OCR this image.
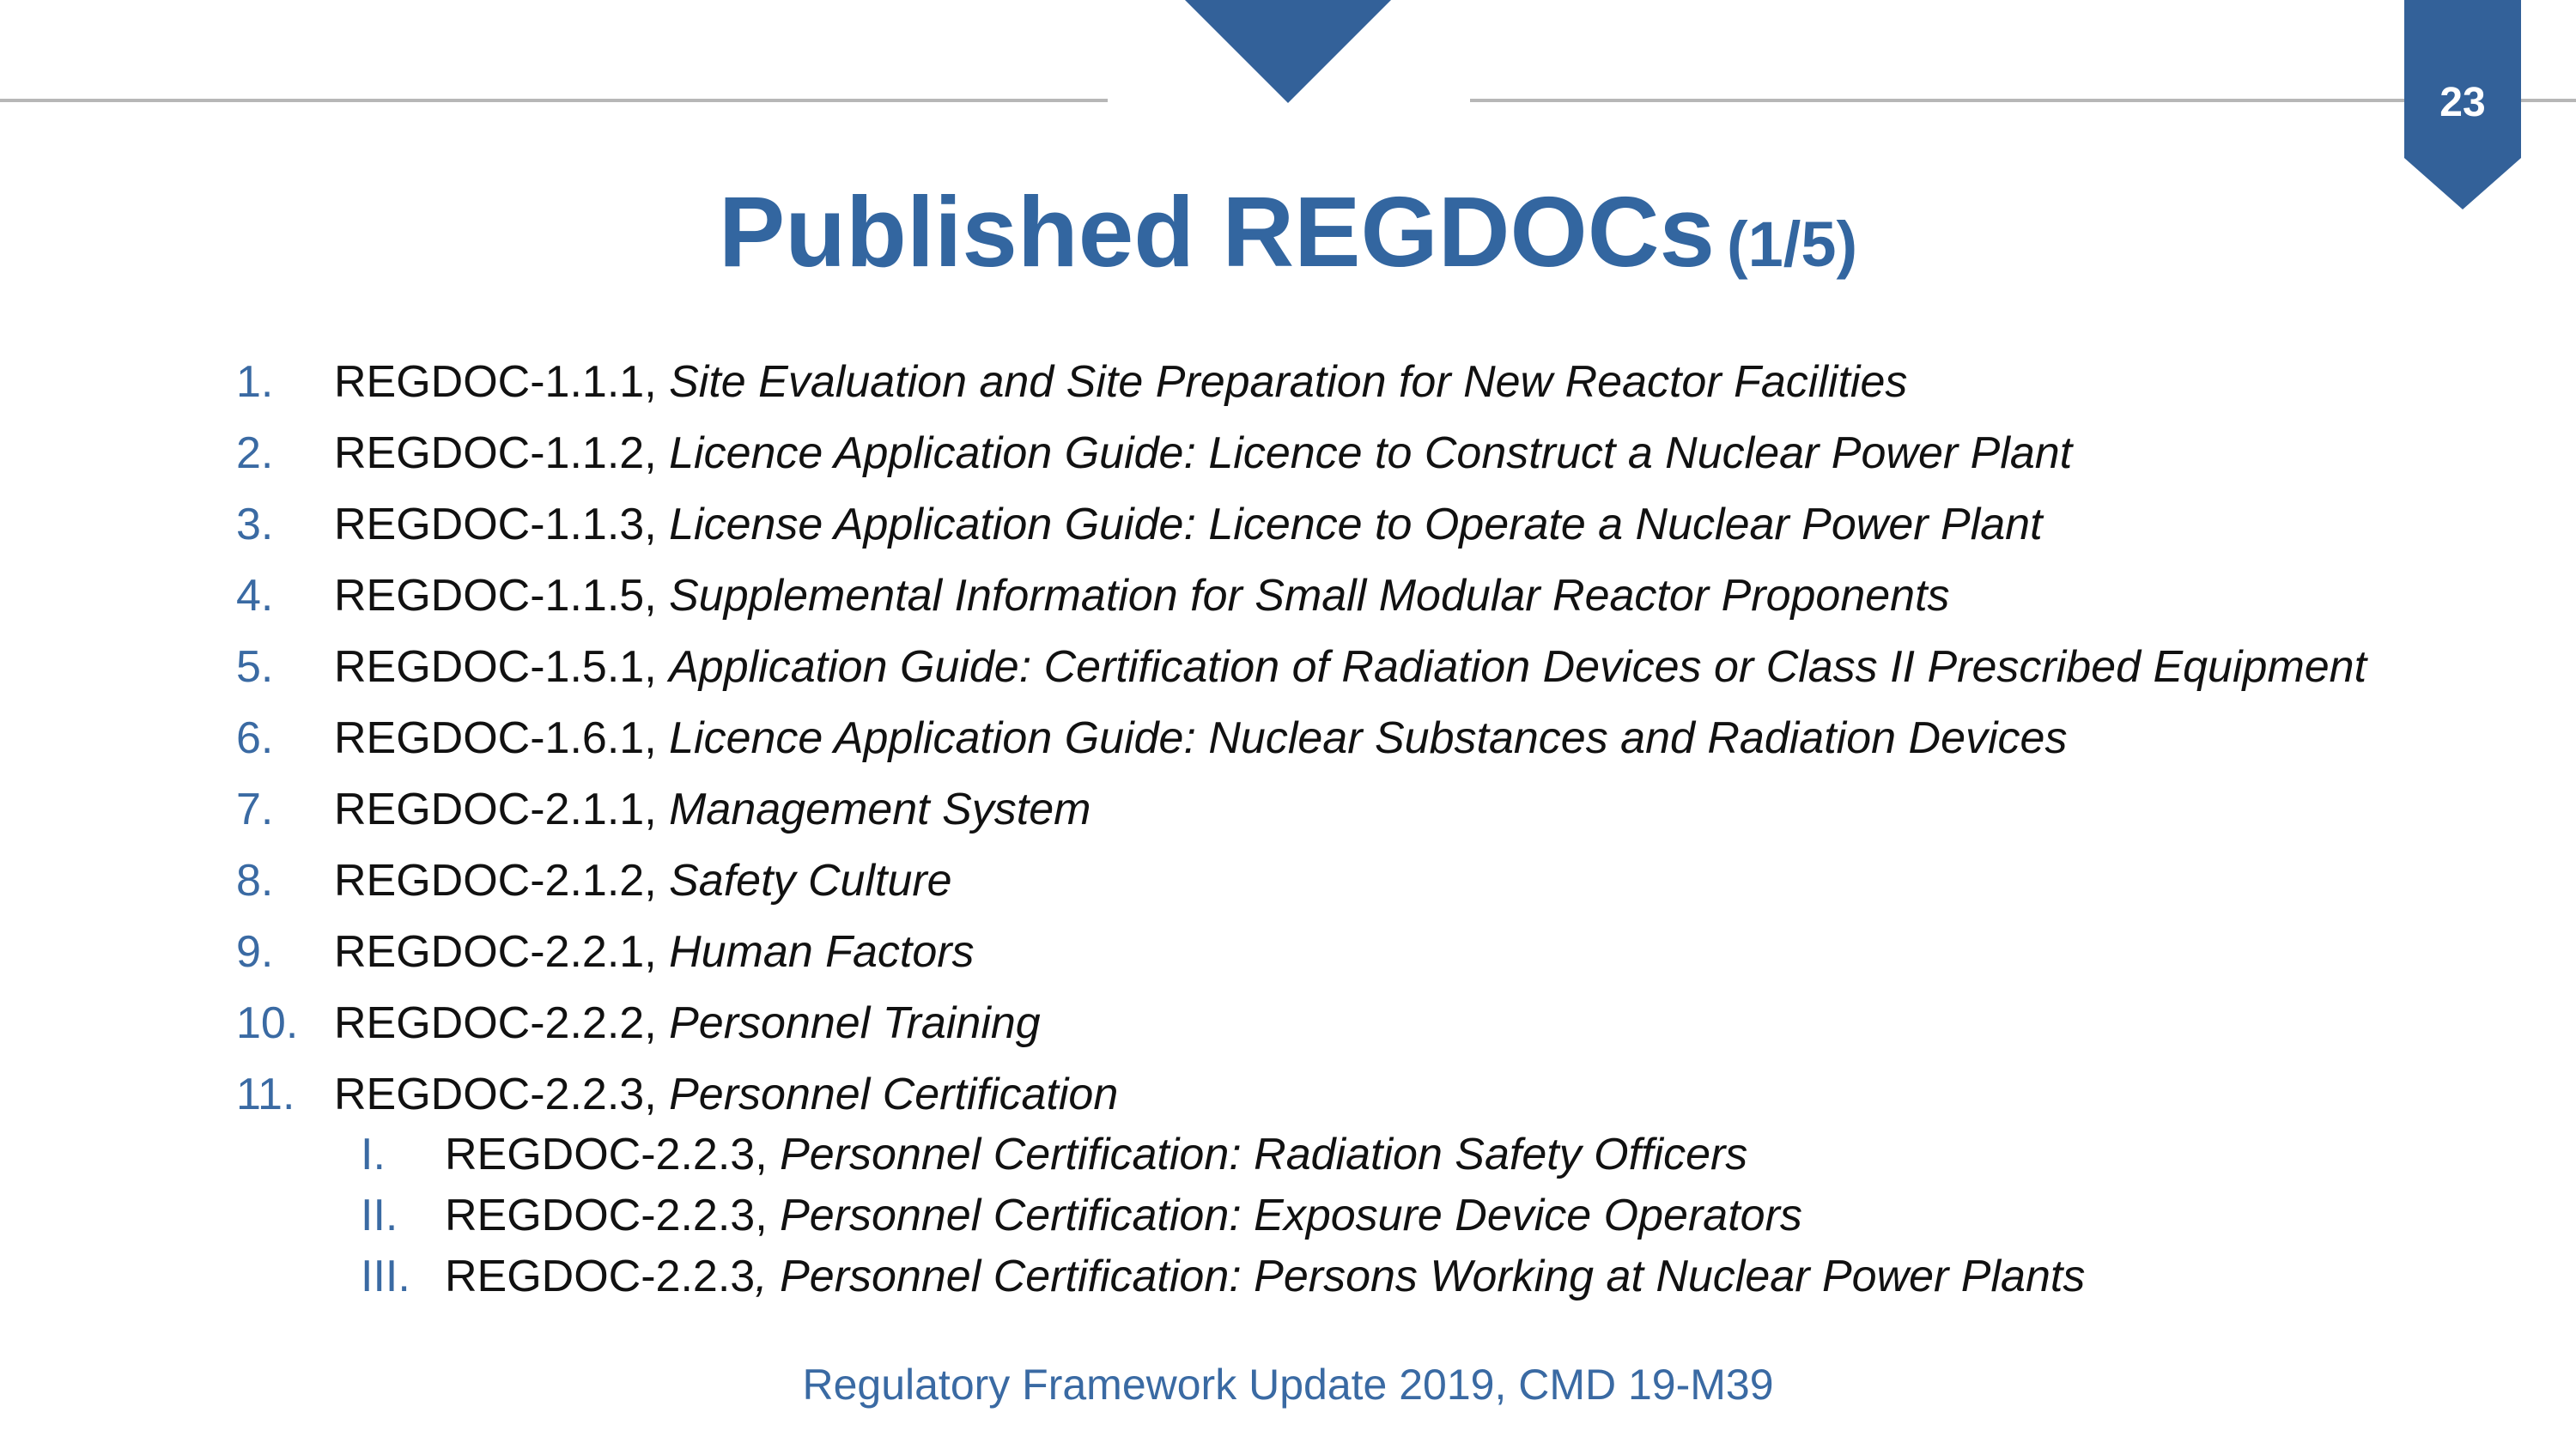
23
Published REGDOCs (1/5)
1. REGDOC-1.1.1, Site Evaluation and Site Preparation for New Reactor Facilities
2. REGDOC-1.1.2, Licence Application Guide: Licence to Construct a Nuclear Power Plant
3. REGDOC-1.1.3, License Application Guide: Licence to Operate a Nuclear Power Plant
4. REGDOC-1.1.5, Supplemental Information for Small Modular Reactor Proponents
5. REGDOC-1.5.1, Application Guide: Certification of Radiation Devices or Class II Prescribed Equipment
6. REGDOC-1.6.1, Licence Application Guide: Nuclear Substances and Radiation Devices
7. REGDOC-2.1.1, Management System
8. REGDOC-2.1.2, Safety Culture
9. REGDOC-2.2.1, Human Factors
10. REGDOC-2.2.2, Personnel Training
11. REGDOC-2.2.3, Personnel Certification
I. REGDOC-2.2.3, Personnel Certification: Radiation Safety Officers
II. REGDOC-2.2.3, Personnel Certification: Exposure Device Operators
III. REGDOC-2.2.3, Personnel Certification: Persons Working at Nuclear Power Plants
Regulatory Framework Update 2019, CMD 19-M39
